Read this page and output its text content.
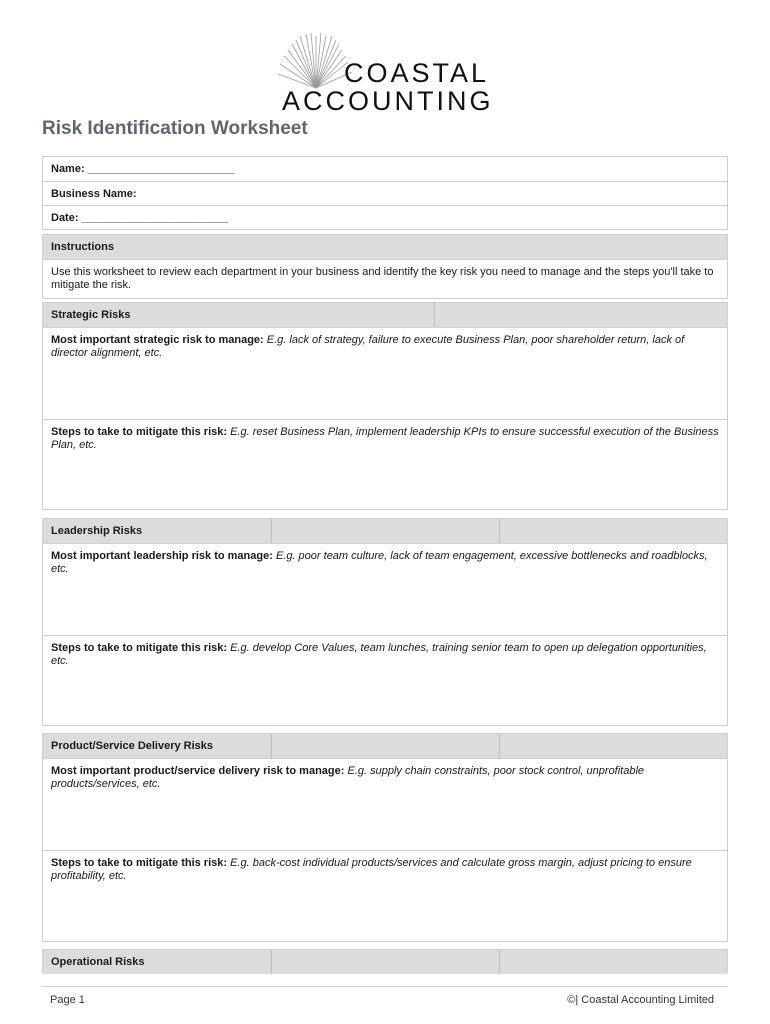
COASTAL
ACCOUNTING
Risk Identification Worksheet
Name: ________________________
Business Name:
Date: ________________________
Instructions
Use this worksheet to review each department in your business and identify the key risk you need to manage and the steps you'll take to mitigate the risk.
Strategic Risks
Most important strategic risk to manage: E.g. lack of strategy, failure to execute Business Plan, poor shareholder return, lack of director alignment, etc.
Steps to take to mitigate this risk: E.g. reset Business Plan, implement leadership KPIs to ensure successful execution of the Business Plan, etc.
Leadership Risks
Most important leadership risk to manage: E.g. poor team culture, lack of team engagement, excessive bottlenecks and roadblocks, etc.
Steps to take to mitigate this risk: E.g. develop Core Values, team lunches, training senior team to open up delegation opportunities, etc.
Product/Service Delivery Risks
Most important product/service delivery risk to manage: E.g. supply chain constraints, poor stock control, unprofitable products/services, etc.
Steps to take to mitigate this risk: E.g. back-cost individual products/services and calculate gross margin, adjust pricing to ensure profitability, etc.
Operational Risks
Page 1	©| Coastal Accounting Limited
